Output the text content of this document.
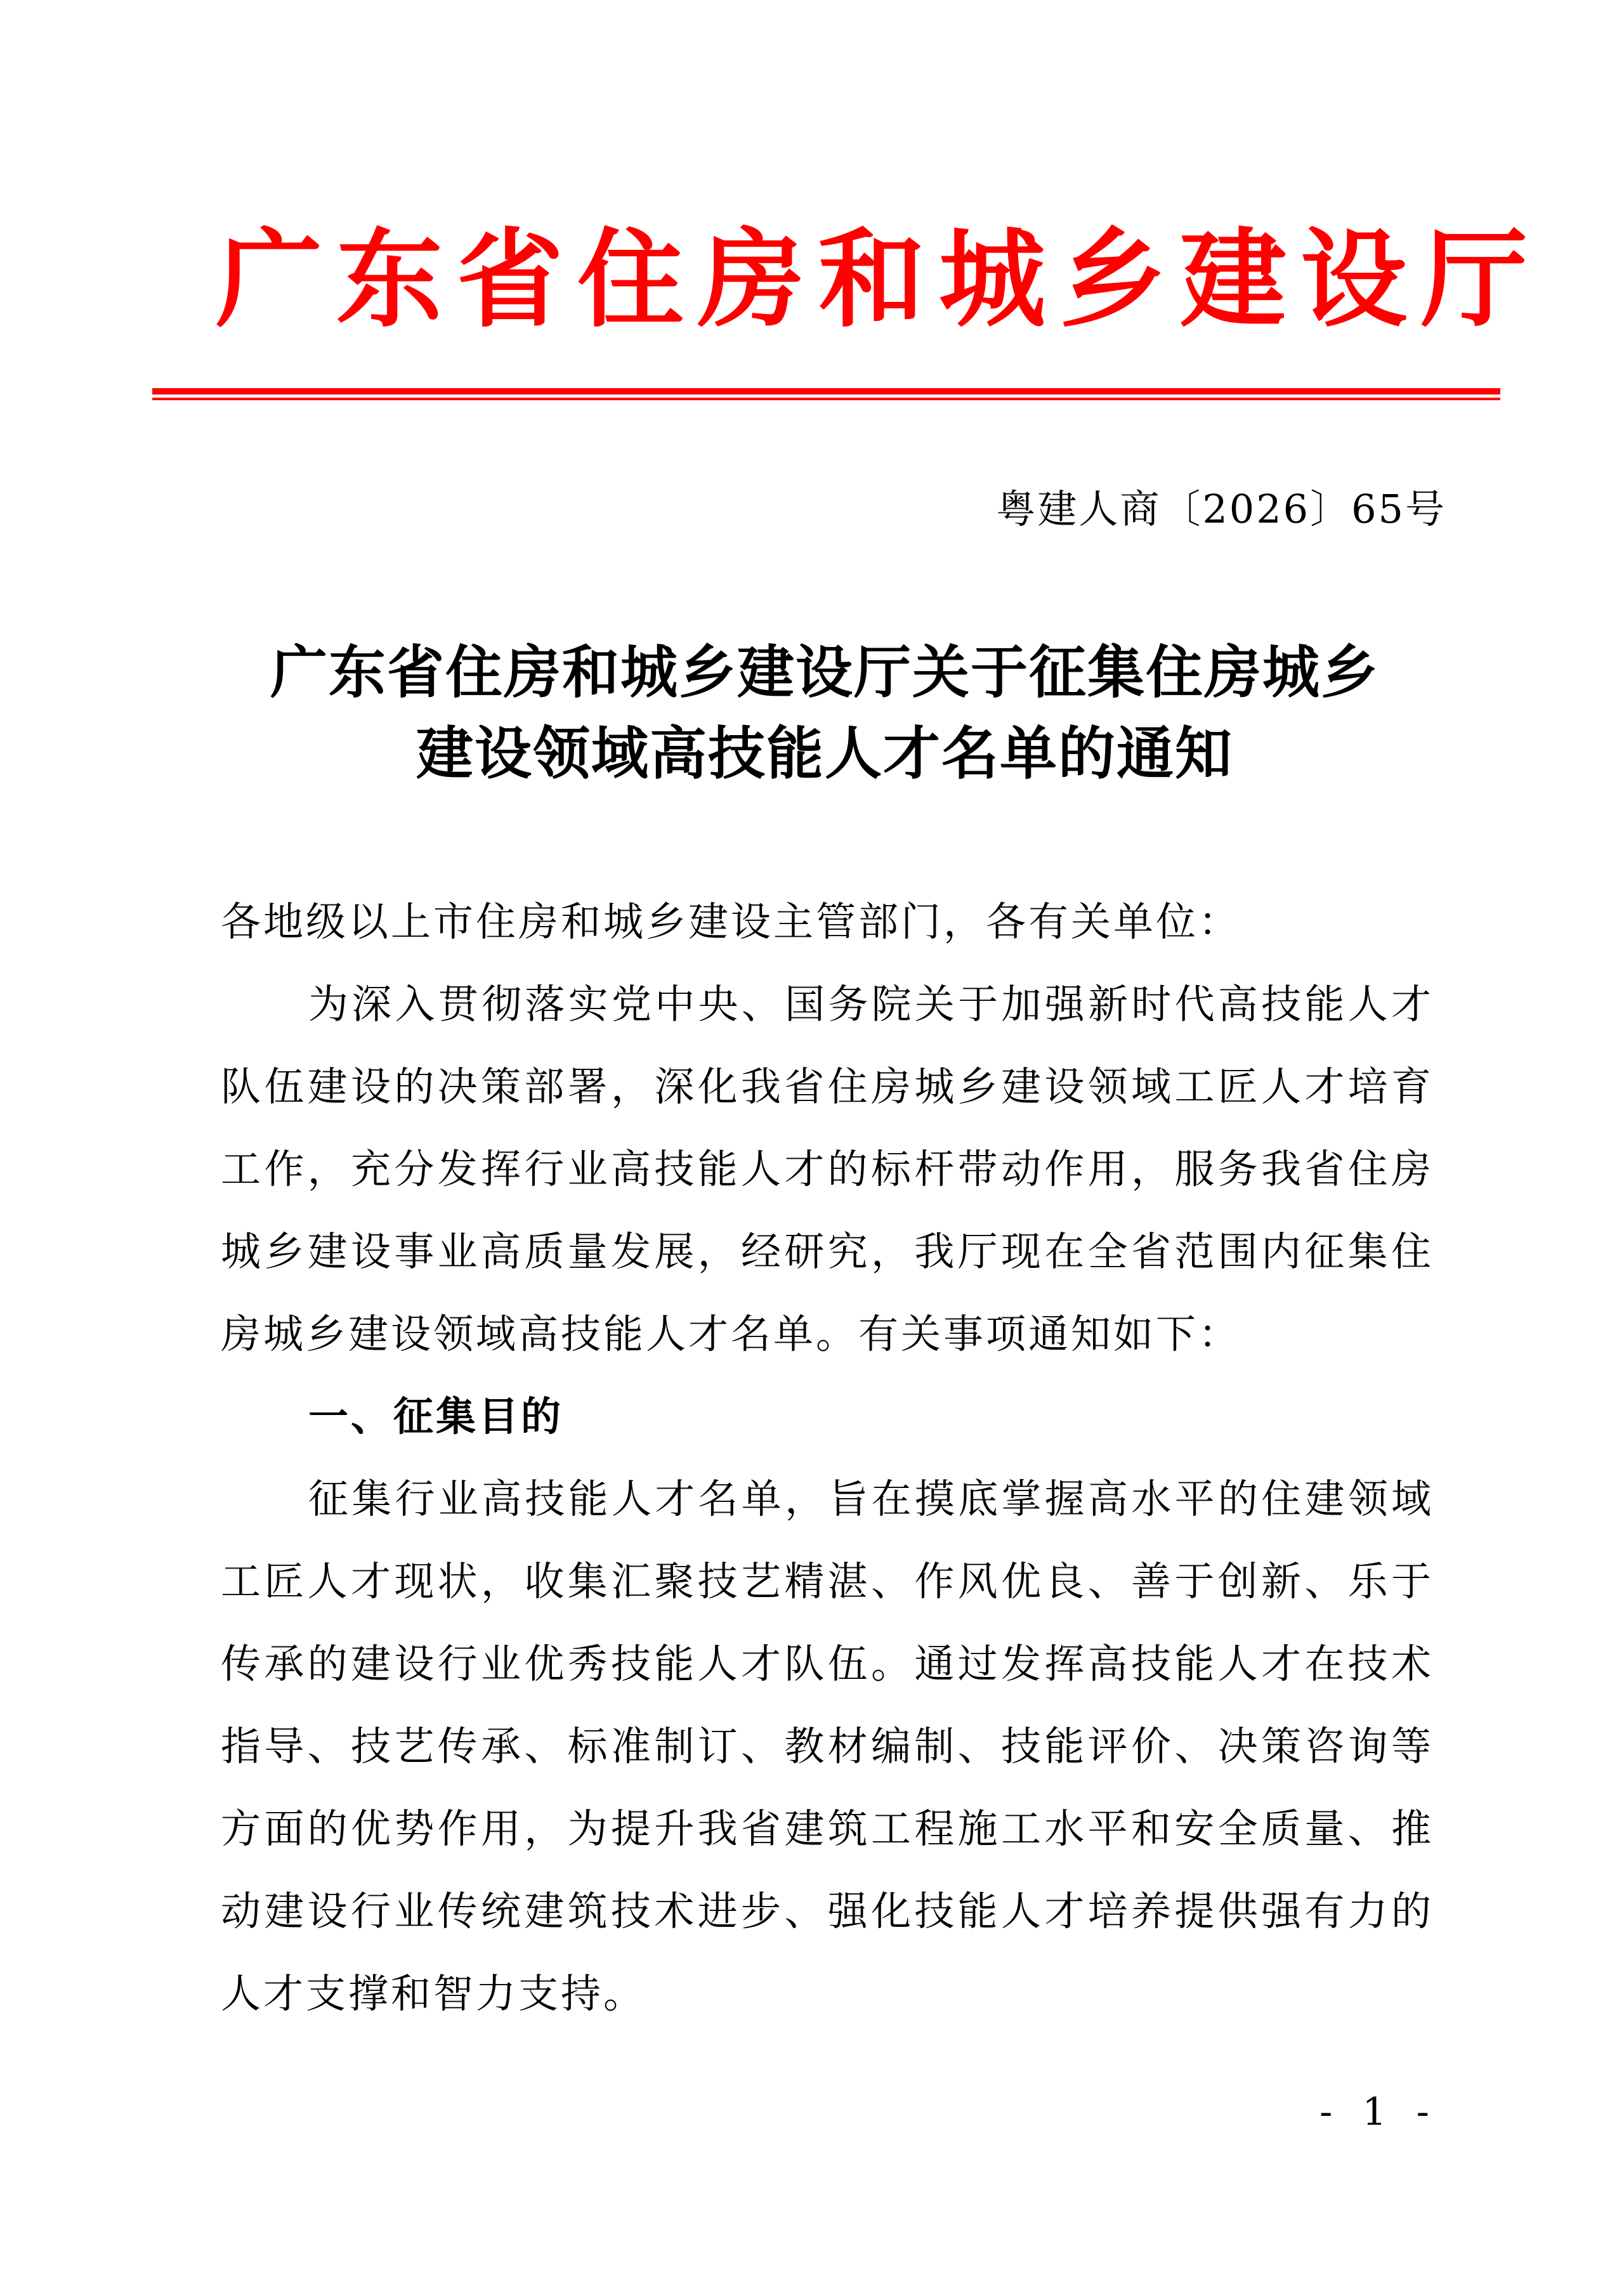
广东省住房和城乡建设厅
粤建人商〔2026〕65号
广东省住房和城乡建设厅关于征集住房城乡
建设领域高技能人才名单的通知
各地级以上市住房和城乡建设主管部门，各有关单位：
为深入贯彻落实党中央、国务院关于加强新时代高技能人才
队伍建设的决策部署，深化我省住房城乡建设领域工匠人才培育
工作，充分发挥行业高技能人才的标杆带动作用，服务我省住房
城乡建设事业高质量发展，经研究，我厅现在全省范围内征集住
房城乡建设领域高技能人才名单。有关事项通知如下：
一、征集目的
征集行业高技能人才名单，旨在摸底掌握高水平的住建领域
工匠人才现状，收集汇聚技艺精湛、作风优良、善于创新、乐于
传承的建设行业优秀技能人才队伍。通过发挥高技能人才在技术
指导、技艺传承、标准制订、教材编制、技能评价、决策咨询等
方面的优势作用，为提升我省建筑工程施工水平和安全质量、推
动建设行业传统建筑技术进步、强化技能人才培养提供强有力的
人才支撑和智力支持。
- 1 -
